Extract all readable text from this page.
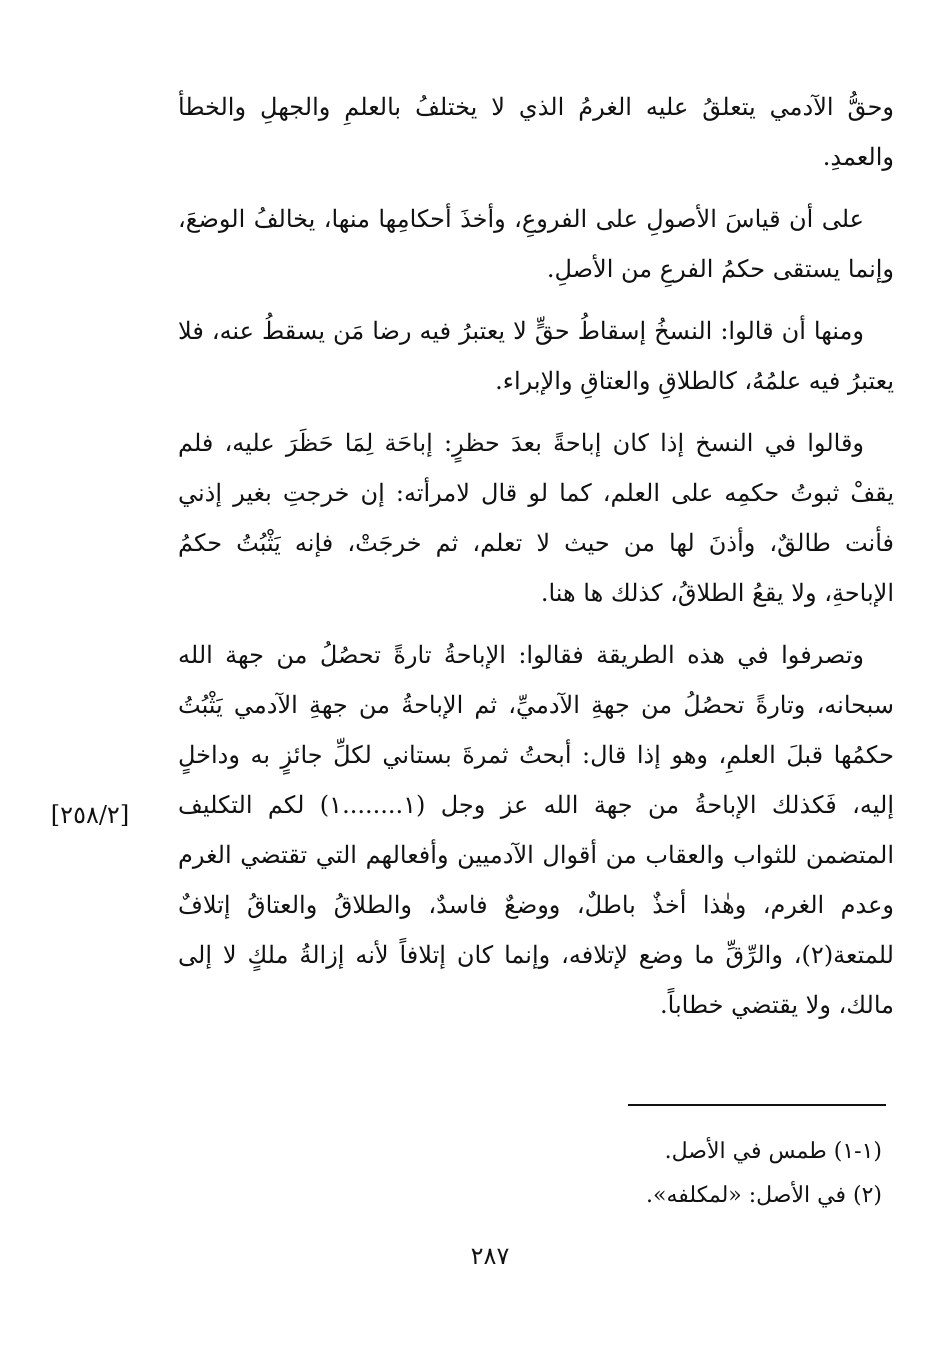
وحقُّ الآدمي يتعلقُ عليه الغرمُ الذي لا يختلفُ بالعلمِ والجهلِ والخطأ والعمدِ.

على أن قياسَ الأصولِ على الفروعِ، وأخذَ أحكامِها منها، يخالفُ الوضعَ، وإنما يستقى حكمُ الفرعِ من الأصلِ.

ومنها أن قالوا: النسخُ إسقاطُ حقٍّ لا يعتبرُ فيه رضا مَن يسقطُ عنه، فلا يعتبرُ فيه علمُهُ، كالطلاقِ والعتاقِ والإبراء.

وقالوا في النسخ إذا كان إباحةً بعدَ حظرٍ: إباحَة لِمَا حَظَرَ عليه، فلم يقفْ ثبوتُ حكمِه على العلم، كما لو قال لامرأته: إن خرجتِ بغير إذني فأنت طالقٌ، وأذنَ لها من حيث لا تعلم، ثم خرجَتْ، فإنه يَثْبُتُ حكمُ الإباحةِ، ولا يقعُ الطلاقُ، كذلك ها هنا.

وتصرفوا في هذه الطريقة فقالوا: الإباحةُ تارةً تحصُلُ من جهة الله سبحانه، وتارةً تحصُلُ من جهةِ الآدميِّ، ثم الإباحةُ من جهةِ الآدمي يَثْبُتُ حكمُها قبلَ العلمِ، وهو إذا قال: أبحتُ ثمرةَ بستاني لكلِّ جائزٍ به وداخلٍ إليه، فَكذلك الإباحةُ من جهة الله عز وجل (١........١) لكم التكليف المتضمن للثواب والعقاب من أقوال الآدميين وأفعالهم التي تقتضي الغرم وعدم الغرم، وهٰذا أخذٌ باطلٌ، ووضعٌ فاسدٌ، والطلاقُ والعتاقُ إتلافٌ للمتعة(٢)، والرِّقِّ ما وضع لإتلافه، وإنما كان إتلافاً لأنه إزالةُ ملكٍ لا إلى مالك، ولا يقتضي خطاباً.

[٢٥٨/٢]
(١-١) طمس في الأصل.
(٢) في الأصل: «لمكلفه».
٢٨٧
